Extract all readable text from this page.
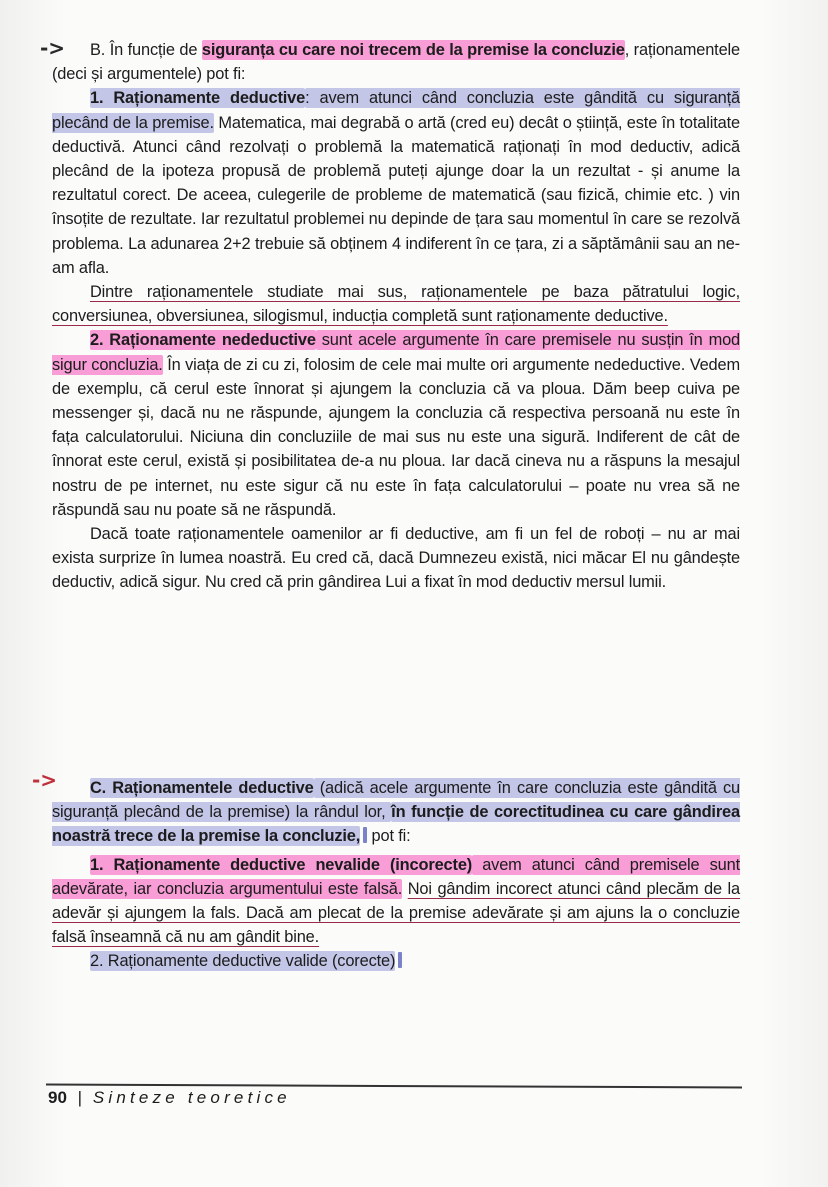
->	B. În funcție de siguranța cu care noi trecem de la premise la concluzie, raționamentele (deci și argumentele) pot fi:

1. Raționamente deductive: avem atunci când concluzia este gândită cu siguranță plecând de la premise. Matematica, mai degrabă o artă (cred eu) decât o știință, este în totalitate deductivă. Atunci când rezolvați o problemă la matematică raționați în mod deductiv, adică plecând de la ipoteza propusă de problemă puteți ajunge doar la un rezultat - și anume la rezultatul corect. De aceea, culegerile de probleme de matematică (sau fizică, chimie etc. ) vin însoțite de rezultate. Iar rezultatul problemei nu depinde de țara sau momentul în care se rezolvă problema. La adunarea 2+2 trebuie să obținem 4 indiferent în ce țara, zi a săptămânii sau an ne-am afla.

Dintre raționamentele studiate mai sus, raționamentele pe baza pătratului logic, conversiunea, obversiunea, silogismul, inducția completă sunt raționamente deductive.

2. Raționamente nedeductive sunt acele argumente în care premisele nu susțin în mod sigur concluzia. În viața de zi cu zi, folosim de cele mai multe ori argumente nedeductive. Vedem de exemplu, că cerul este înnorat și ajungem la concluzia că va ploua. Dăm beep cuiva pe messenger și, dacă nu ne răspunde, ajungem la concluzia că respectiva persoană nu este în fața calculatorului. Niciuna din concluziile de mai sus nu este una sigură. Indiferent de cât de înnorat este cerul, există și posibilitatea de-a nu ploua. Iar dacă cineva nu a răspuns la mesajul nostru de pe internet, nu este sigur că nu este în fața calculatorului – poate nu vrea să ne răspundă sau nu poate să ne răspundă.

Dacă toate raționamentele oamenilor ar fi deductive, am fi un fel de roboți – nu ar mai exista surprize în lumea noastră. Eu cred că, dacă Dumnezeu există, nici măcar El nu gândește deductiv, adică sigur. Nu cred că prin gândirea Lui a fixat în mod deductiv mersul lumii.

->	C. Raționamentele deductive (adică acele argumente în care concluzia este gândită cu siguranță plecând de la premise) la rândul lor, în funcție de corectitudinea cu care gândirea noastră trece de la premise la concluzie, pot fi:

1. Raționamente deductive nevalide (incorecte) avem atunci când premisele sunt adevărate, iar concluzia argumentului este falsă. Noi gândim incorect atunci când plecăm de la adevăr și ajungem la fals. Dacă am plecat de la premise adevărate și am ajuns la o concluzie falsă înseamnă că nu am gândit bine.

2. Raționamente deductive valide (corecte)

90 | Sinteze teoretice
